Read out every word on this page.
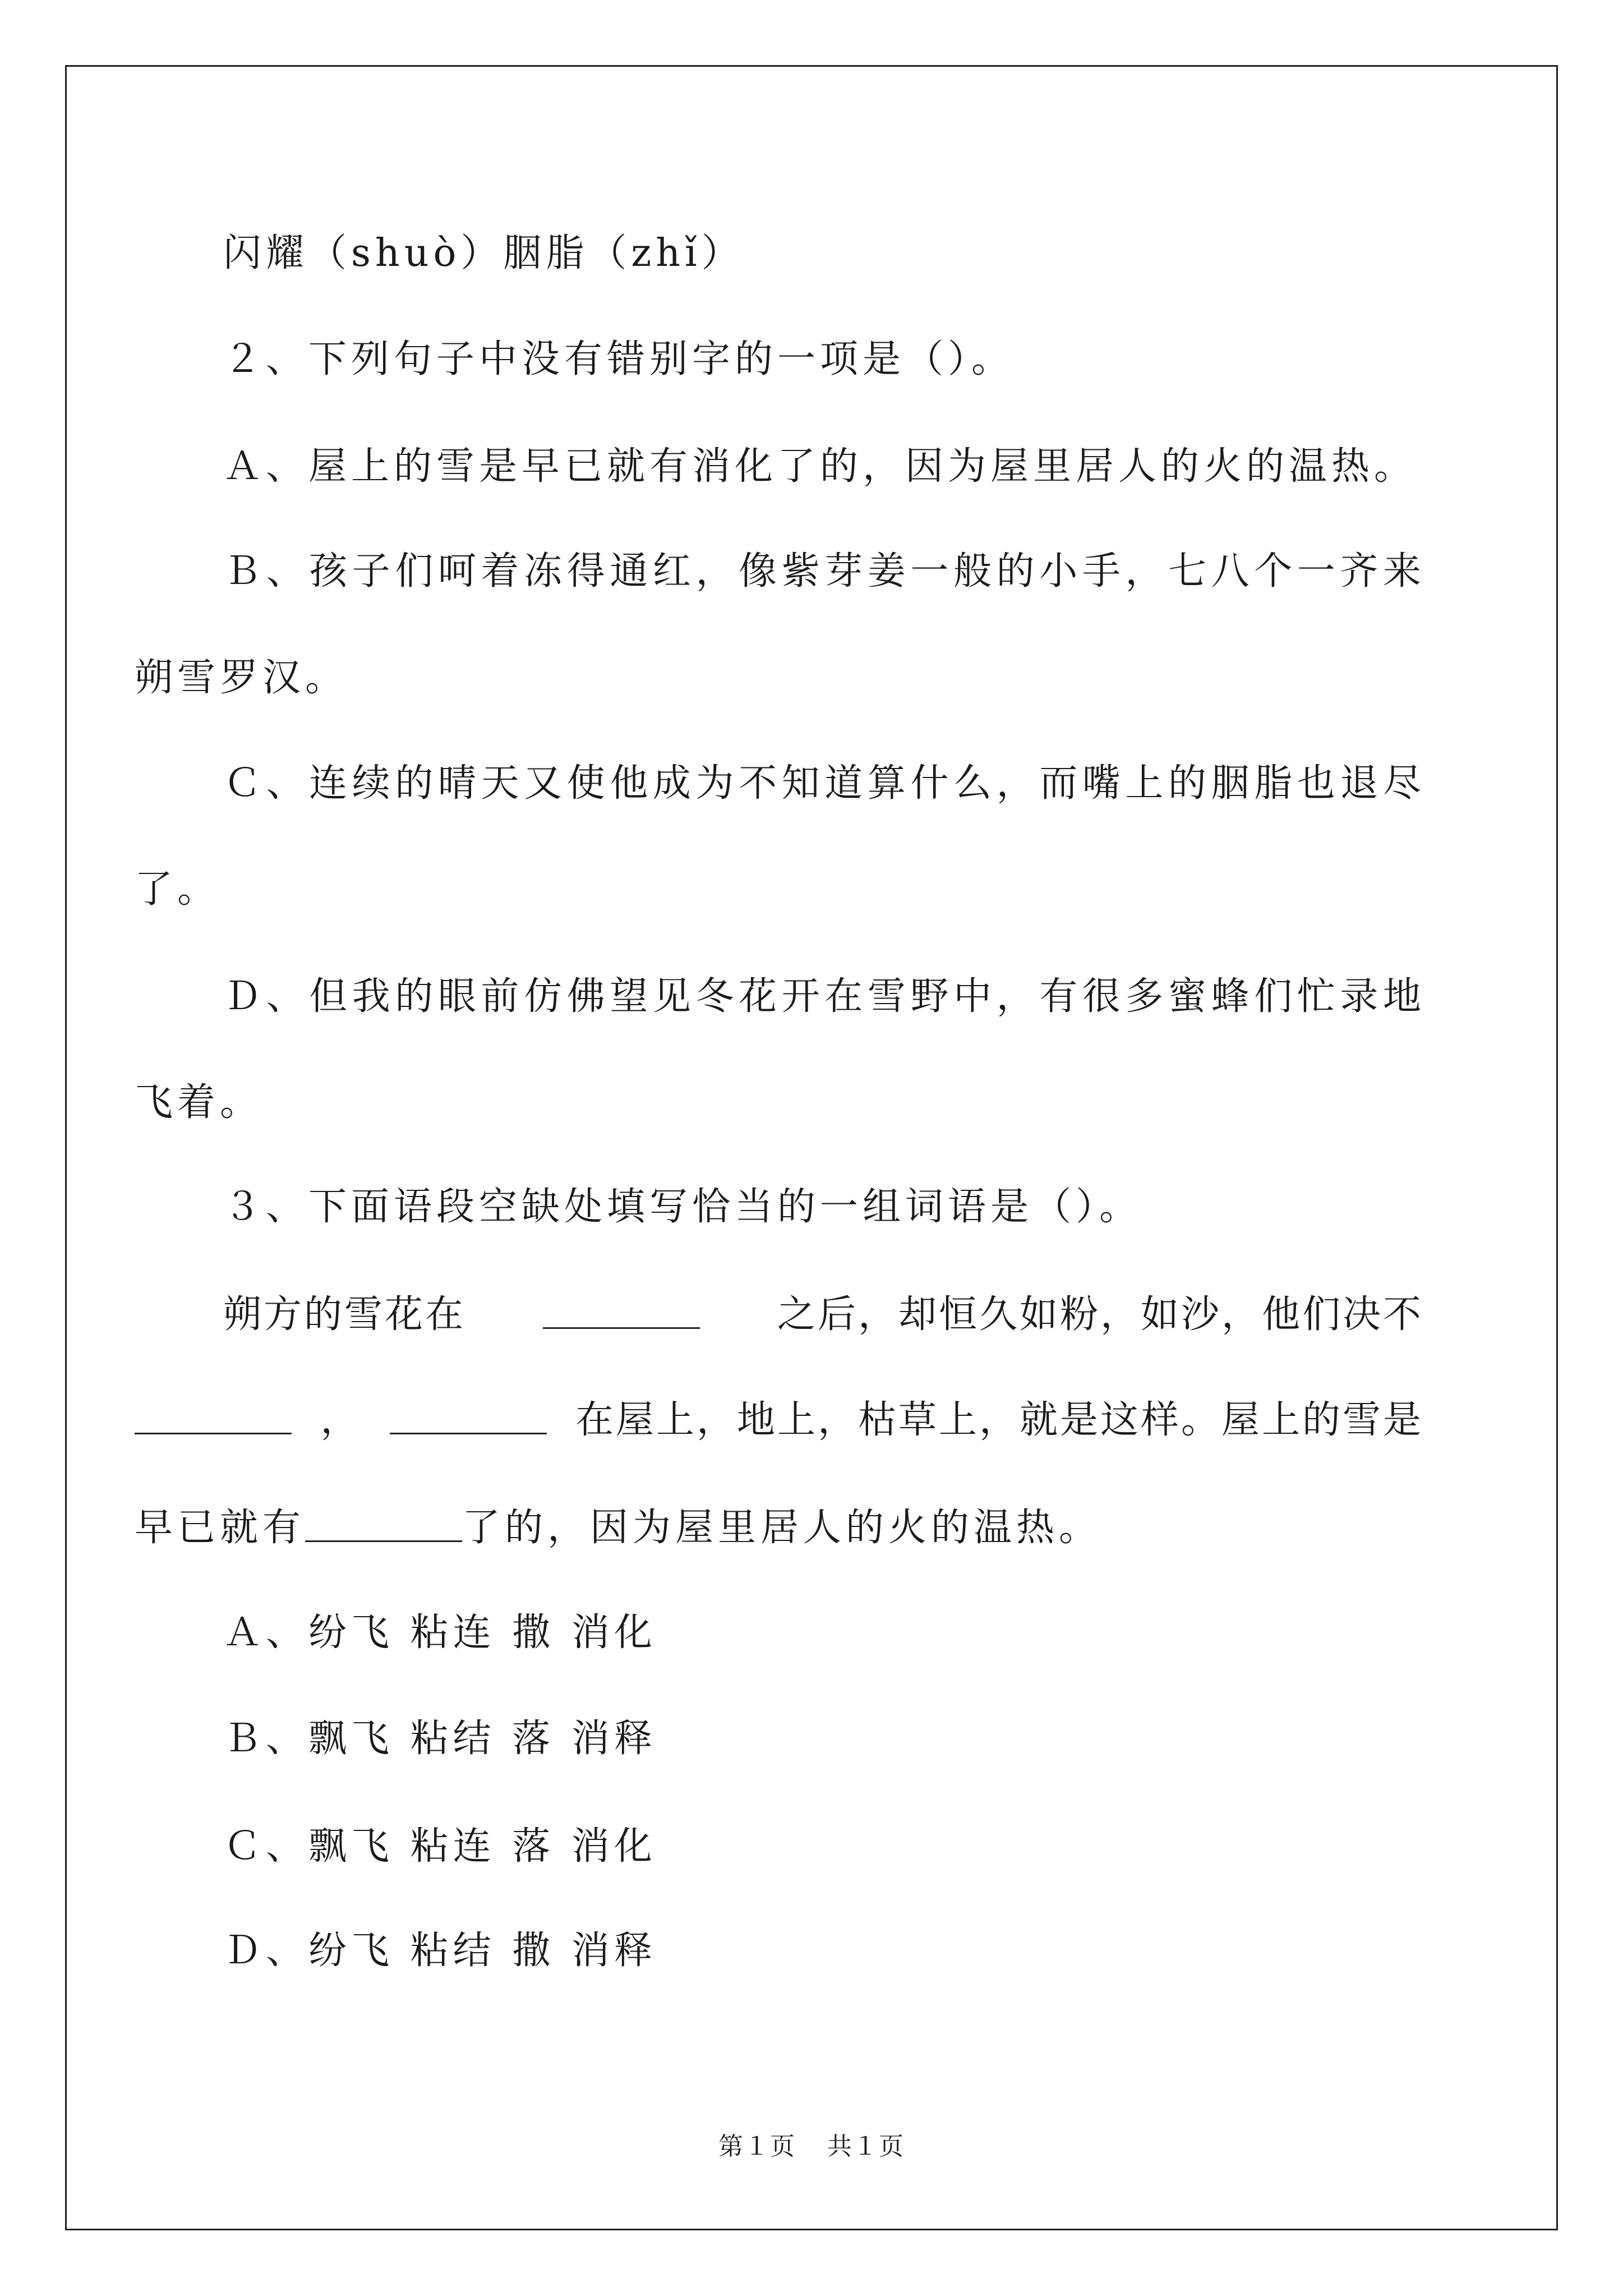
闪耀（shuò）胭脂（zhǐ）
２、下列句子中没有错别字的一项是（）。
Ａ、屋上的雪是早已就有消化了的，因为屋里居人的火的温热。
Ｂ、孩子们呵着冻得通红，像紫芽姜一般的小手，七八个一齐来
朔雪罗汉。
Ｃ、连续的晴天又使他成为不知道算什么，而嘴上的胭脂也退尽
了。
Ｄ、但我的眼前仿佛望见冬花开在雪野中，有很多蜜蜂们忙录地
飞着。
３、下面语段空缺处填写恰当的一组词语是（）。
朔方的雪花在	之后，却恒久如粉，如沙，他们决不
，	在屋上，地上，枯草上，就是这样。屋上的雪是
早已就有	了的，因为屋里居人的火的温热。
Ａ、纷飞 粘连 撒 消化
Ｂ、飘飞 粘结 落 消释
Ｃ、飘飞 粘连 落 消化
Ｄ、纷飞 粘结 撒 消释
第１页 共１页
